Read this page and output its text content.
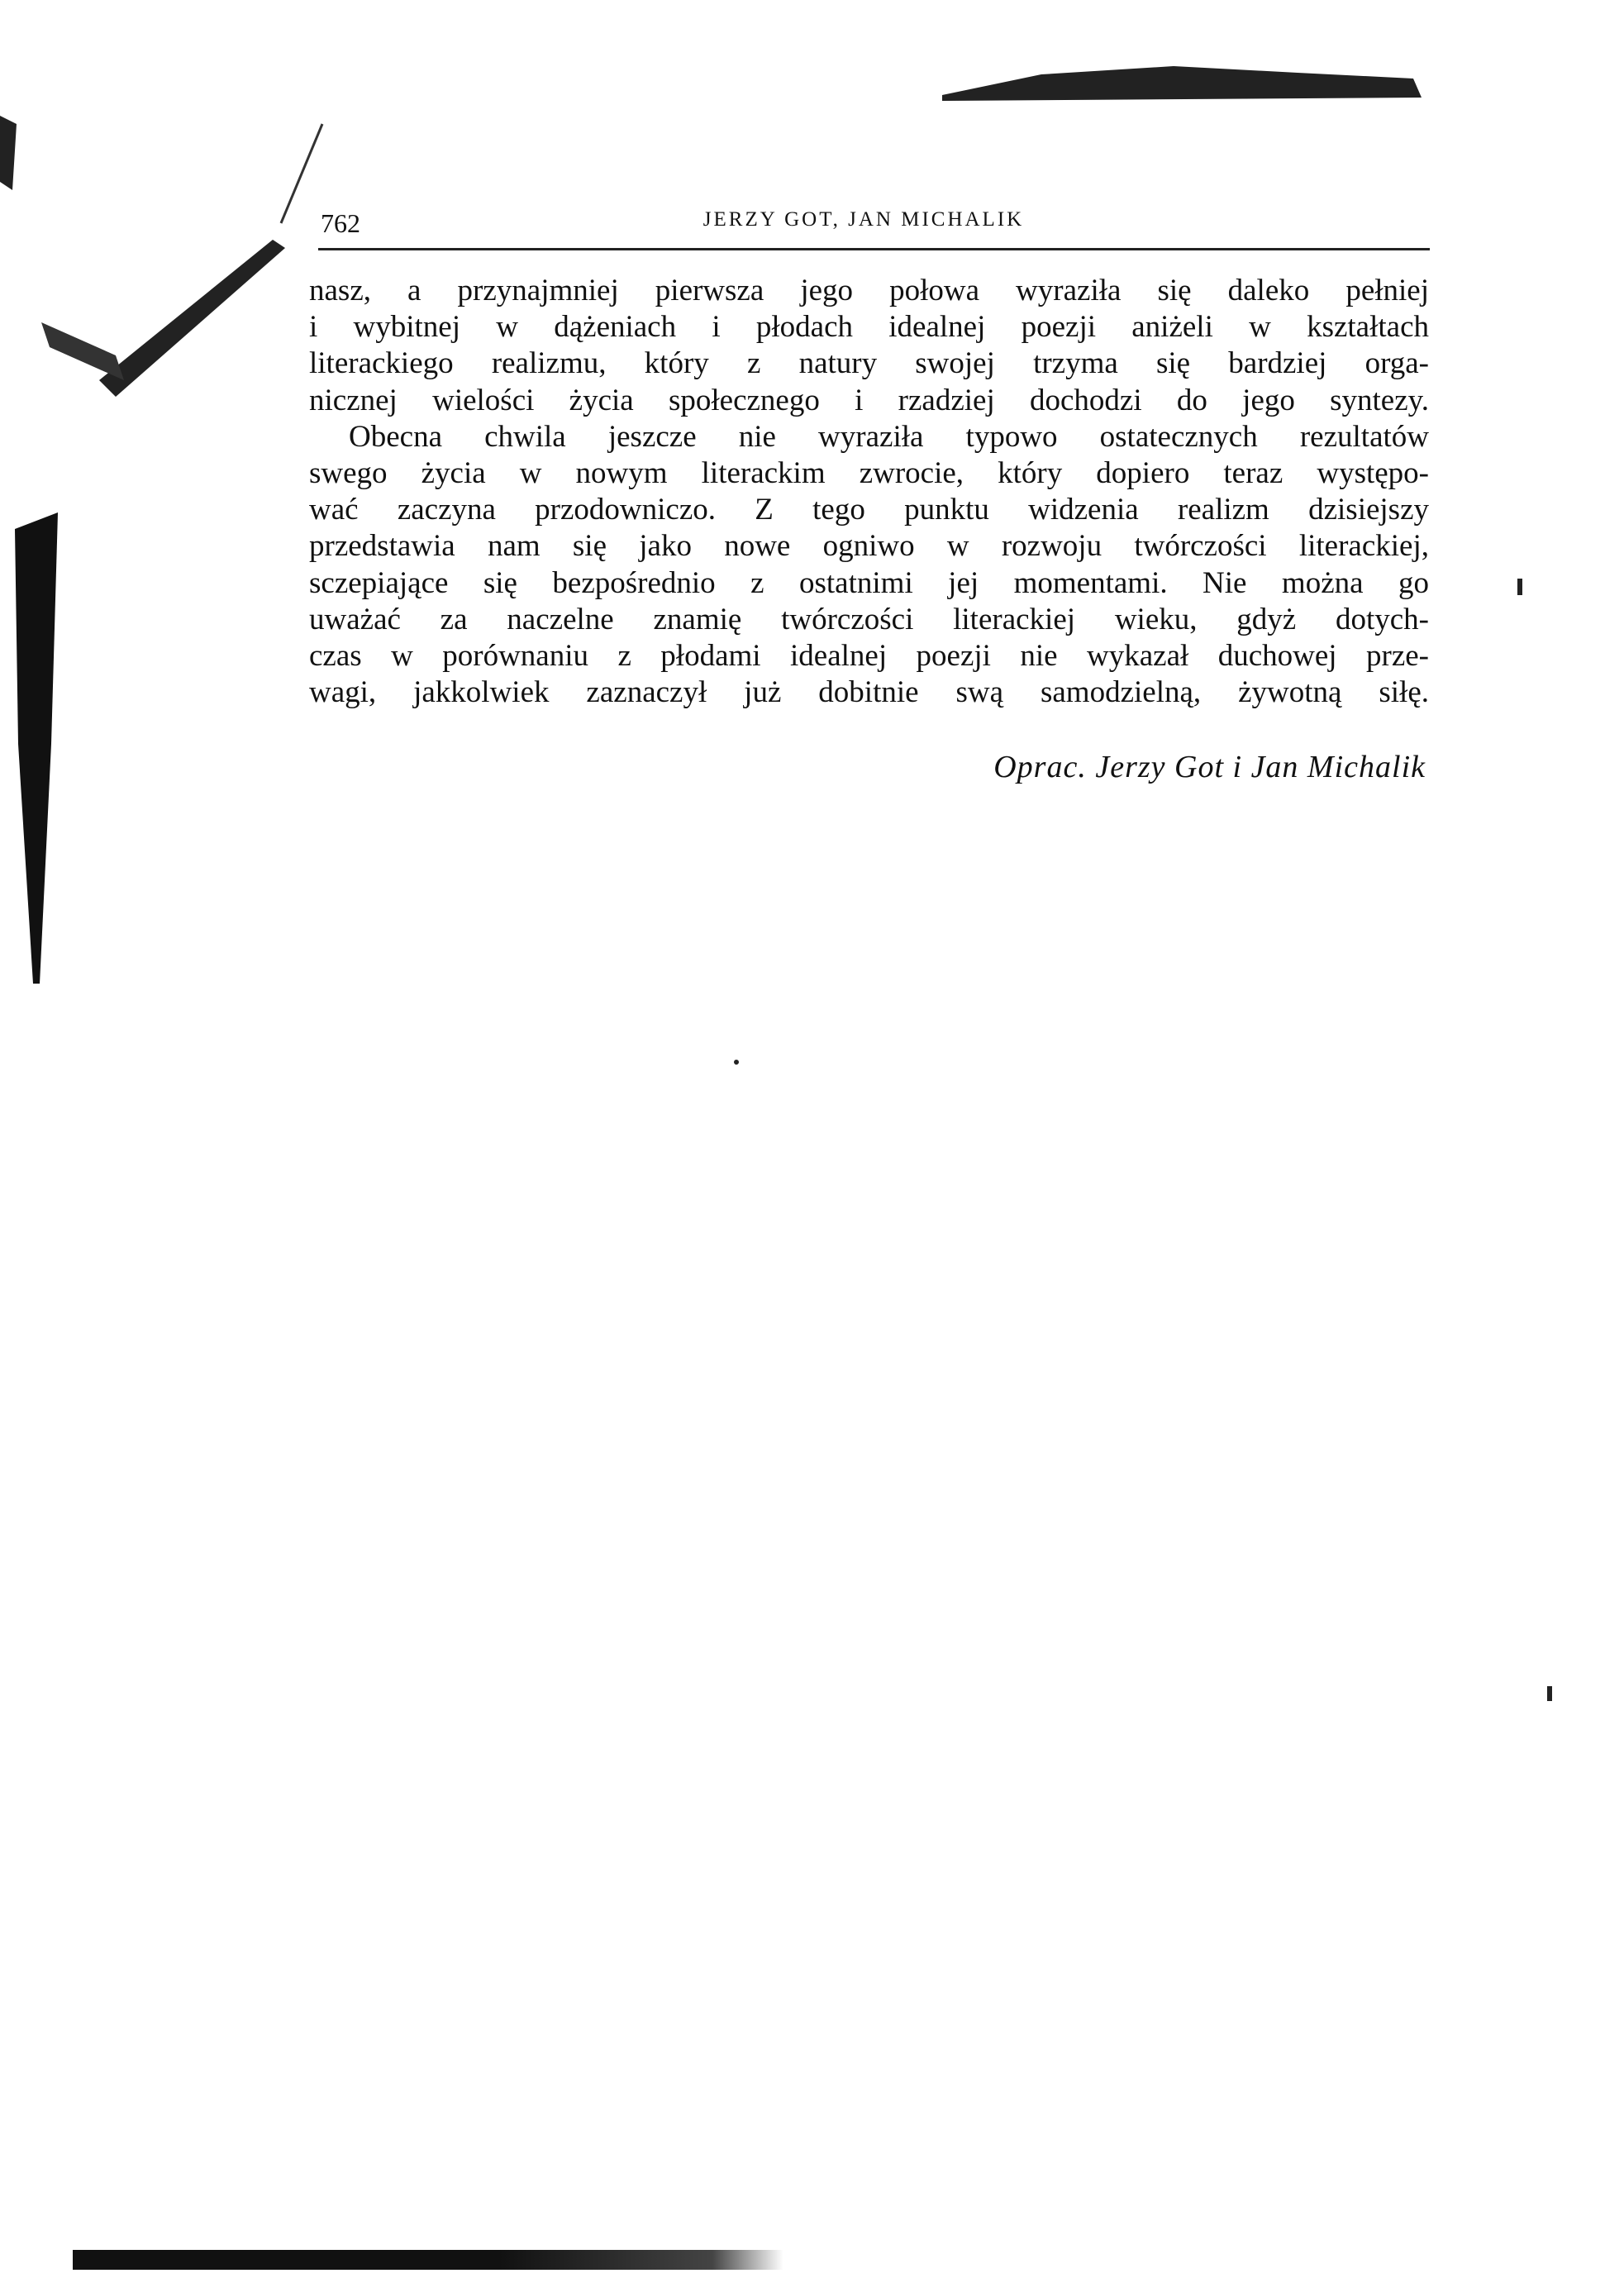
762	JERZY GOT, JAN MICHALIK
nasz, a przynajmniej pierwsza jego połowa wyraziła się daleko pełniej
i wybitnej w dążeniach i płodach idealnej poezji aniżeli w kształtach
literackiego realizmu, który z natury swojej trzyma się bardziej orga-
nicznej wielości życia społecznego i rzadziej dochodzi do jego syntezy.
Obecna chwila jeszcze nie wyraziła typowo ostatecznych rezultatów
swego życia w nowym literackim zwrocie, który dopiero teraz występo-
wać zaczyna przodowniczo. Z tego punktu widzenia realizm dzisiejszy
przedstawia nam się jako nowe ogniwo w rozwoju twórczości literackiej,
sczepiające się bezpośrednio z ostatnimi jej momentami. Nie można go
uważać za naczelne znamię twórczości literackiej wieku, gdyż dotych-
czas w porównaniu z płodami idealnej poezji nie wykazał duchowej prze-
wagi, jakkolwiek zaznaczył już dobitnie swą samodzielną, żywotną siłę.
Oprac. Jerzy Got i Jan Michalik
